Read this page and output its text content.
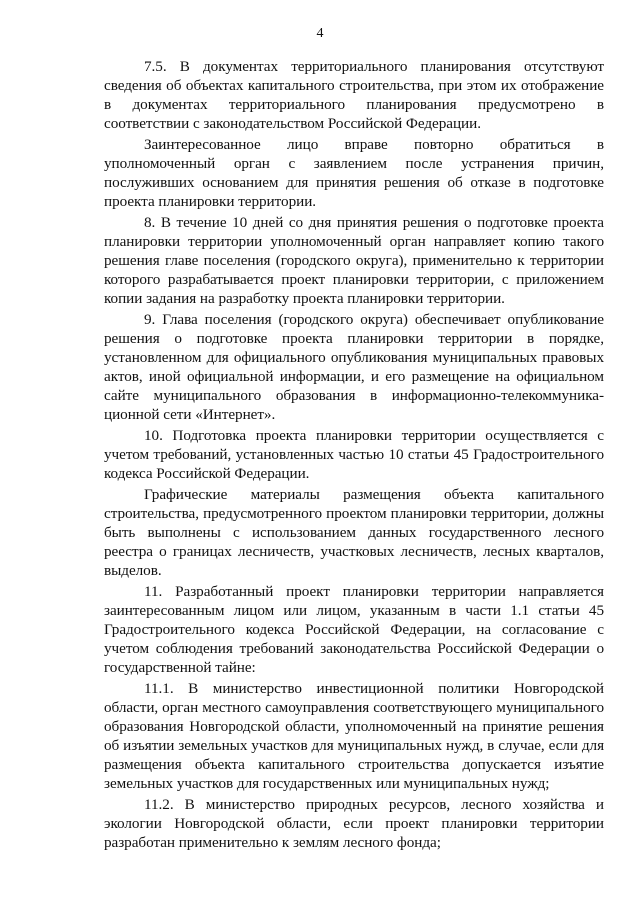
4

7.5. В документах территориального планирования отсутствуют сведения об объектах капитального строительства, при этом их отображение в документах территориального планирования предусмотрено в соответствии с законодательством Российской Федерации.

Заинтересованное лицо вправе повторно обратиться в уполномоченный орган с заявлением после устранения причин, послуживших основанием для принятия решения об отказе в подготовке проекта планировки территории.

8. В течение 10 дней со дня принятия решения о подготовке проекта планировки территории уполномоченный орган направляет копию такого решения главе поселения (городского округа), применительно к территории которого разрабатывается проект планировки территории, с приложением копии задания на разработку проекта планировки территории.

9. Глава поселения (городского округа) обеспечивает опубликование решения о подготовке проекта планировки территории в порядке, установленном для официального опубликования муниципальных правовых актов, иной официальной информации, и его размещение на официальном сайте муниципального образования в информационно-телекоммуника-ционной сети «Интернет».

10. Подготовка проекта планировки территории осуществляется с учетом требований, установленных частью 10 статьи 45 Градостроительного кодекса Российской Федерации.

Графические материалы размещения объекта капитального строительства, предусмотренного проектом планировки территории, должны быть выполнены с использованием данных государственного лесного реестра о границах лесничеств, участковых лесничеств, лесных кварталов, выделов.

11. Разработанный проект планировки территории направляется заинтересованным лицом или лицом, указанным в части 1.1 статьи 45 Градостроительного кодекса Российской Федерации, на согласование с учетом соблюдения требований законодательства Российской Федерации о государственной тайне:

11.1. В министерство инвестиционной политики Новгородской области, орган местного самоуправления соответствующего муниципального образования Новгородской области, уполномоченный на принятие решения об изъятии земельных участков для муниципальных нужд, в случае, если для размещения объекта капитального строительства допускается изъятие земельных участков для государственных или муниципальных нужд;

11.2. В министерство природных ресурсов, лесного хозяйства и экологии Новгородской области, если проект планировки территории разработан применительно к землям лесного фонда;
